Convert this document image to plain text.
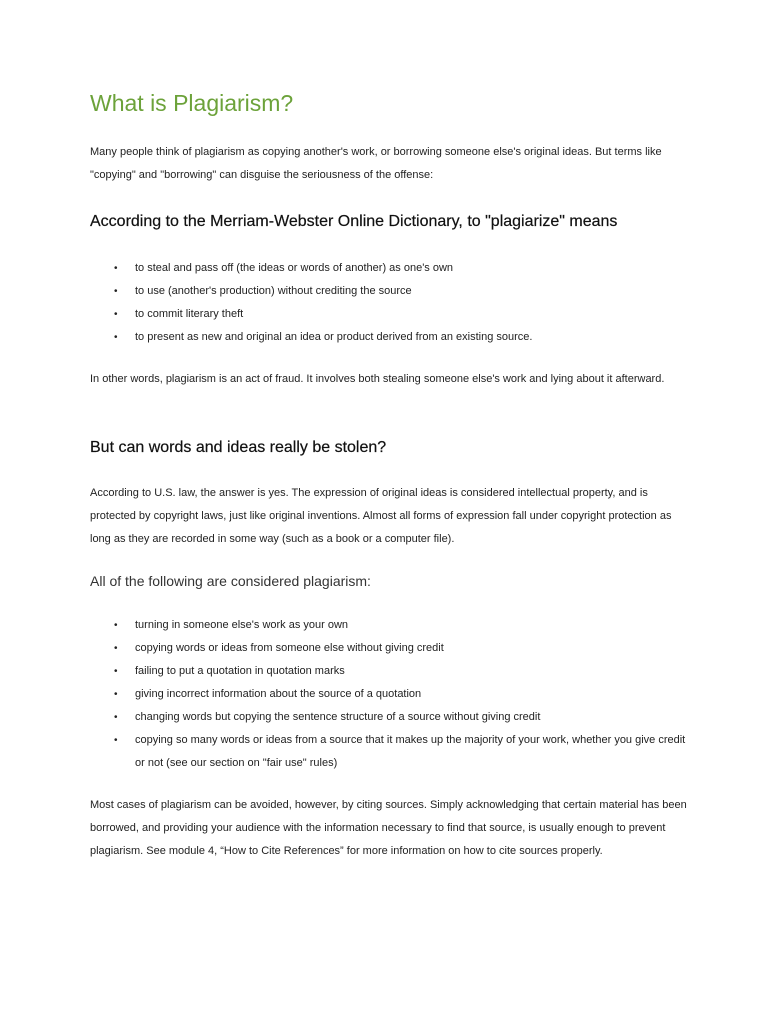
What is Plagiarism?

Many people think of plagiarism as copying another's work, or borrowing someone else's original ideas. But terms like "copying" and "borrowing" can disguise the seriousness of the offense:

According to the Merriam-Webster Online Dictionary, to "plagiarize" means
• to steal and pass off (the ideas or words of another) as one's own
• to use (another's production) without crediting the source
• to commit literary theft
• to present as new and original an idea or product derived from an existing source.

In other words, plagiarism is an act of fraud. It involves both stealing someone else's work and lying about it afterward.

But can words and ideas really be stolen?

According to U.S. law, the answer is yes. The expression of original ideas is considered intellectual property, and is protected by copyright laws, just like original inventions. Almost all forms of expression fall under copyright protection as long as they are recorded in some way (such as a book or a computer file).

All of the following are considered plagiarism:
• turning in someone else's work as your own
• copying words or ideas from someone else without giving credit
• failing to put a quotation in quotation marks
• giving incorrect information about the source of a quotation
• changing words but copying the sentence structure of a source without giving credit
• copying so many words or ideas from a source that it makes up the majority of your work, whether you give credit or not (see our section on "fair use" rules)

Most cases of plagiarism can be avoided, however, by citing sources. Simply acknowledging that certain material has been borrowed, and providing your audience with the information necessary to find that source, is usually enough to prevent plagiarism. See module 4, “How to Cite References” for more information on how to cite sources properly.
